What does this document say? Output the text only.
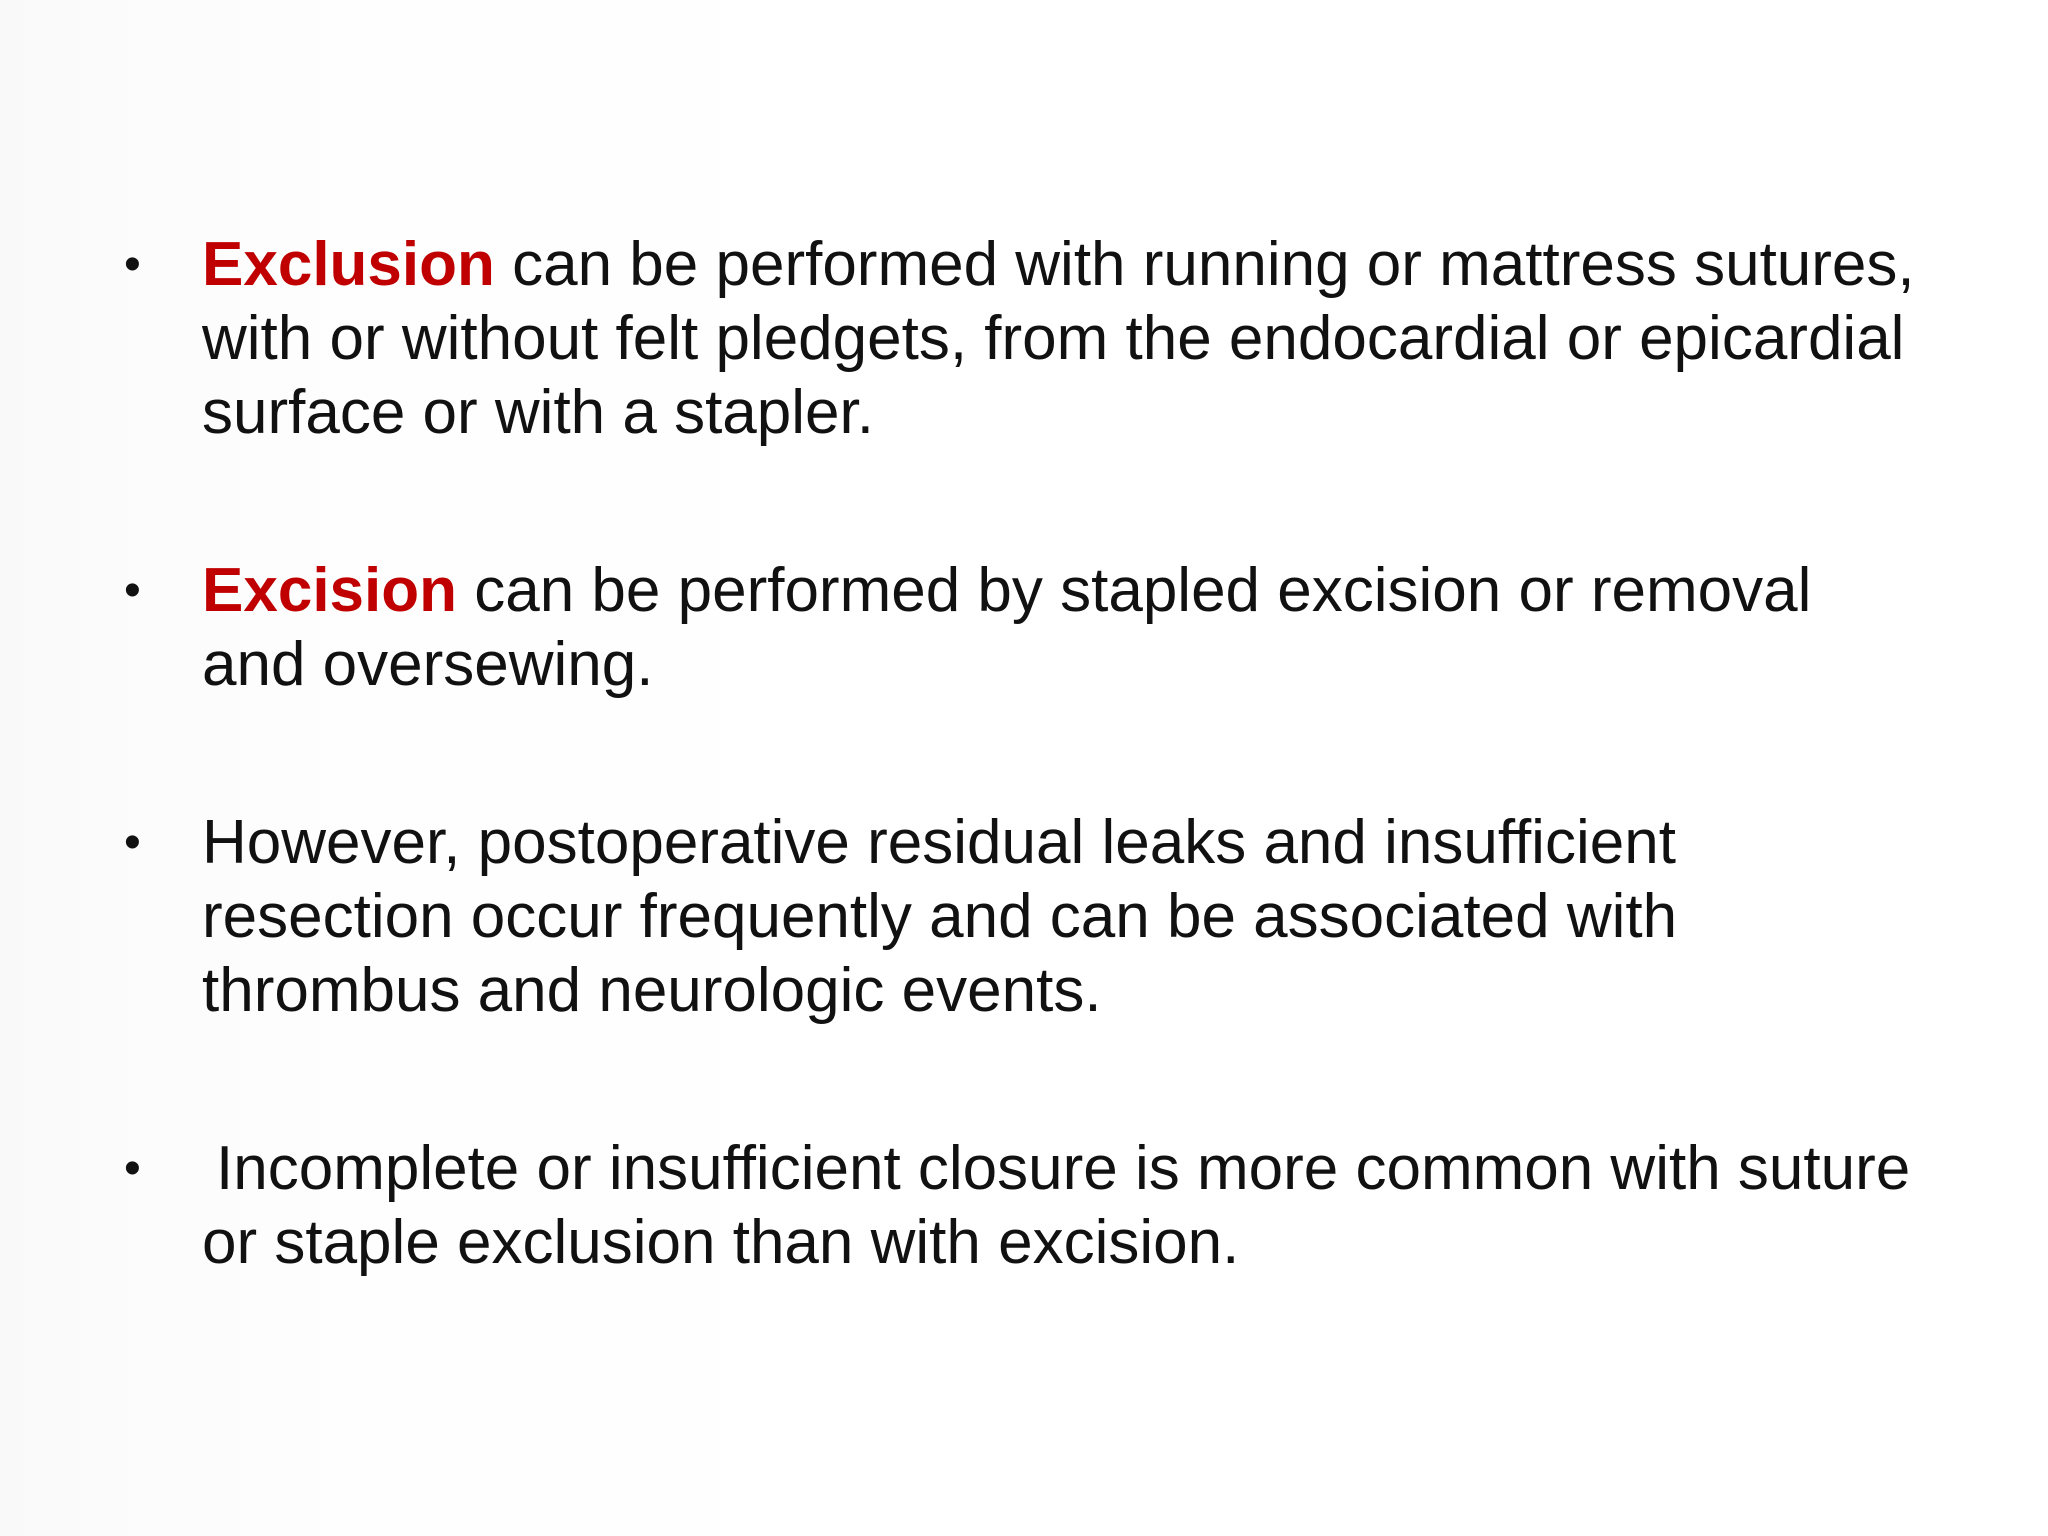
• Exclusion can be performed with running or mattress sutures, with or without felt pledgets, from the endocardial or epicardial surface or with a stapler.
• Excision can be performed by stapled excision or removal and oversewing.
• However, postoperative residual leaks and insufficient resection occur frequently and can be associated with thrombus and neurologic events.
• Incomplete or insufficient closure is more common with suture or staple exclusion than with excision.
